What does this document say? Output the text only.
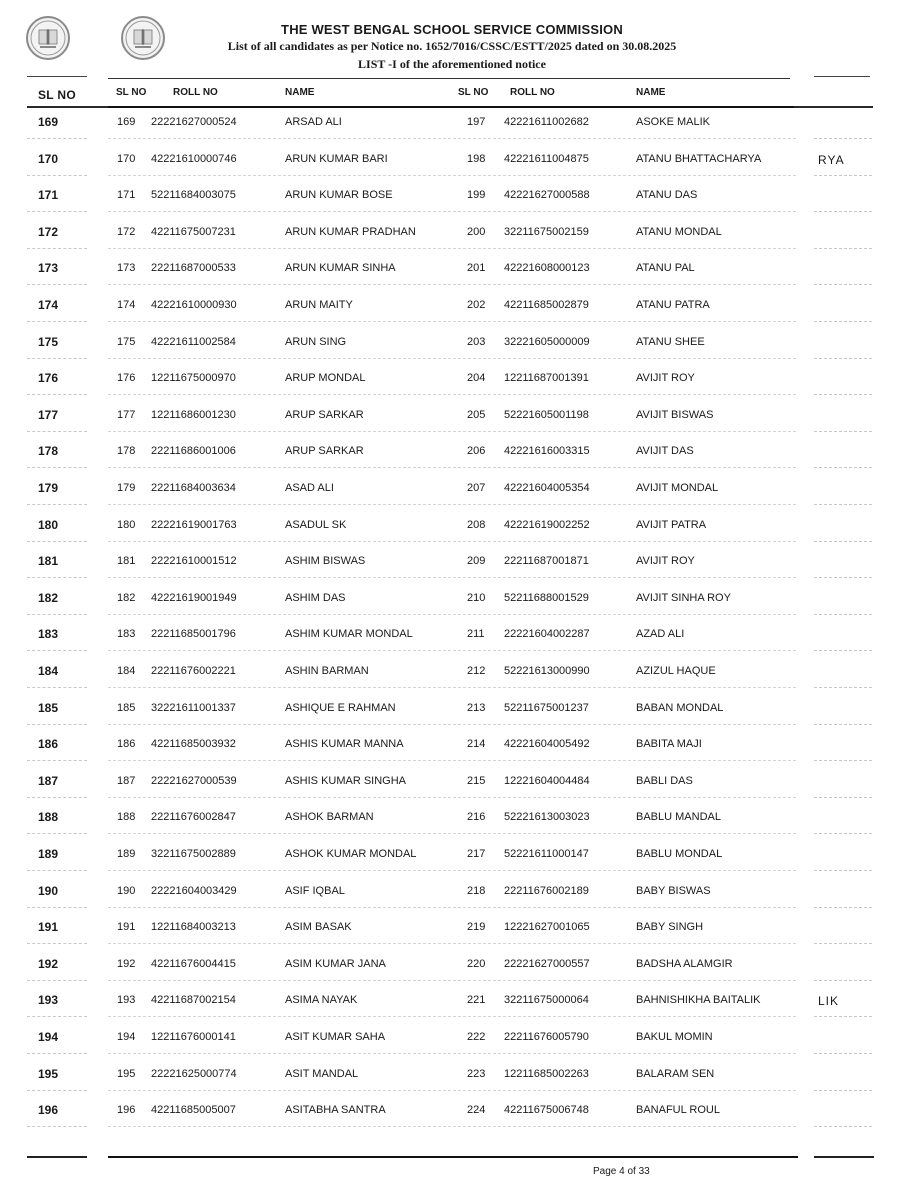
SL NO
169
170
171
172
173
174
175
176
177
178
179
180
181
182
183
184
185
186
187
188
189
190
191
192
193
194
195
196
RYA
LIK
THE WEST BENGAL SCHOOL SERVICE COMMISSION
List of all candidates as per Notice no. 1652/7016/CSSC/ESTT/2025 dated on 30.08.2025
LIST -I of the aforementioned notice
SL NO	ROLL NO	NAME	SL NO ROLL NO	NAME
169 22221627000524	ARSAD ALI	197 42221611002682	ASOKE MALIK
170 42221610000746	ARUN KUMAR BARI	198 42221611004875	ATANU BHATTACHARYA
171 52211684003075	ARUN KUMAR BOSE	199 42221627000588	ATANU DAS
172 42211675007231	ARUN KUMAR PRADHAN	200 32211675002159	ATANU MONDAL
173 22211687000533	ARUN KUMAR SINHA	201 42221608000123	ATANU PAL
174 42221610000930	ARUN MAITY	202 42211685002879	ATANU PATRA
175 42221611002584	ARUN SING	203 32221605000009	ATANU SHEE
176 12211675000970	ARUP MONDAL	204 12211687001391	AVIJIT ROY
177 12211686001230	ARUP SARKAR	205 52221605001198	AVIJIT BISWAS
178 22211686001006	ARUP SARKAR	206 42221616003315	AVIJIT DAS
179 22211684003634	ASAD ALI	207 42221604005354	AVIJIT MONDAL
180 22221619001763	ASADUL SK	208 42221619002252	AVIJIT PATRA
181 22221610001512	ASHIM BISWAS	209 22211687001871	AVIJIT ROY
182 42221619001949	ASHIM DAS	210 52211688001529	AVIJIT SINHA ROY
183 22211685001796	ASHIM KUMAR MONDAL	211 22221604002287	AZAD ALI
184 22211676002221	ASHIN BARMAN	212 52221613000990	AZIZUL HAQUE
185 32221611001337	ASHIQUE E RAHMAN	213 52211675001237	BABAN MONDAL
186 42211685003932	ASHIS KUMAR MANNA	214 42221604005492	BABITA MAJI
187 22221627000539	ASHIS KUMAR SINGHA	215 12221604004484	BABLI DAS
188 22211676002847	ASHOK BARMAN	216 52221613003023	BABLU MANDAL
189 32211675002889	ASHOK KUMAR MONDAL	217 52221611000147	BABLU MONDAL
190 22221604003429	ASIF IQBAL	218 22211676002189	BABY BISWAS
191 12211684003213	ASIM BASAK	219 12221627001065	BABY SINGH
192 42211676004415	ASIM KUMAR JANA	220 22221627000557	BADSHA ALAMGIR
193 42211687002154	ASIMA NAYAK	221 32211675000064	BAHNISHIKHA BAITALIK
194 12211676000141	ASIT KUMAR SAHA	222 22211676005790	BAKUL MOMIN
195 22221625000774	ASIT MANDAL	223 12211685002263	BALARAM SEN
196 42211685005007	ASITABHA SANTRA	224 42211675006748	BANAFUL ROUL
Page 4 of 33
